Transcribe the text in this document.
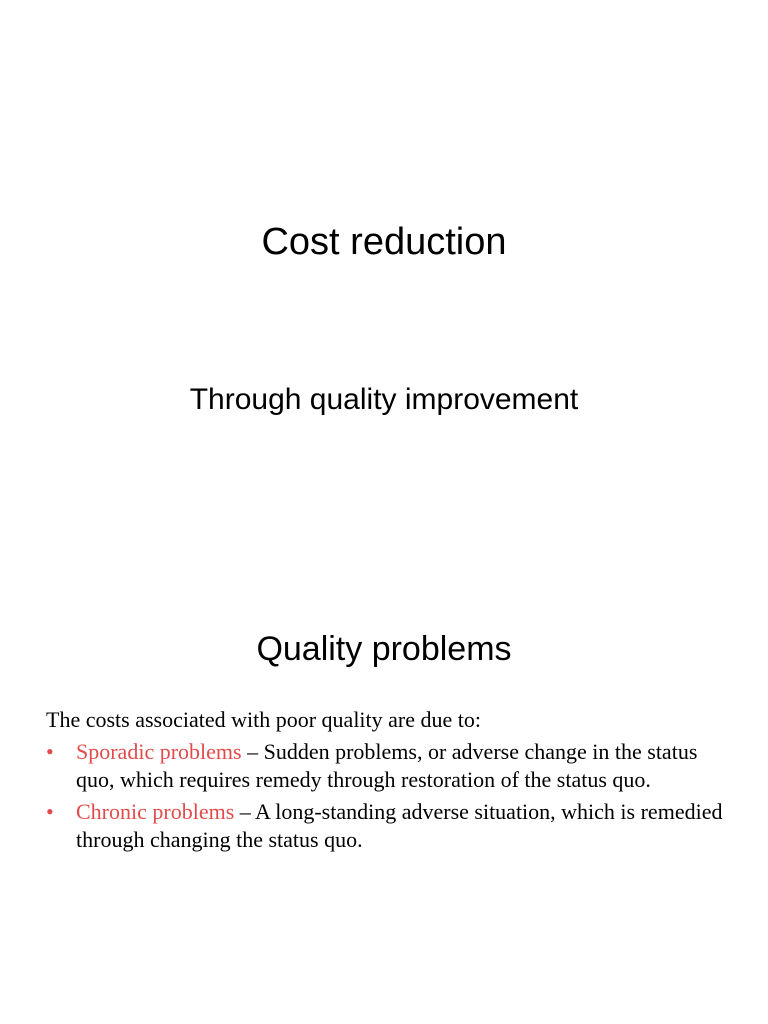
Cost reduction
Through quality improvement
Quality problems

The costs associated with poor quality are due to:

• Sporadic problems – Sudden problems, or adverse change in the status quo, which requires remedy through restoration of the status quo.
• Chronic problems – A long-standing adverse situation, which is remedied through changing the status quo.
